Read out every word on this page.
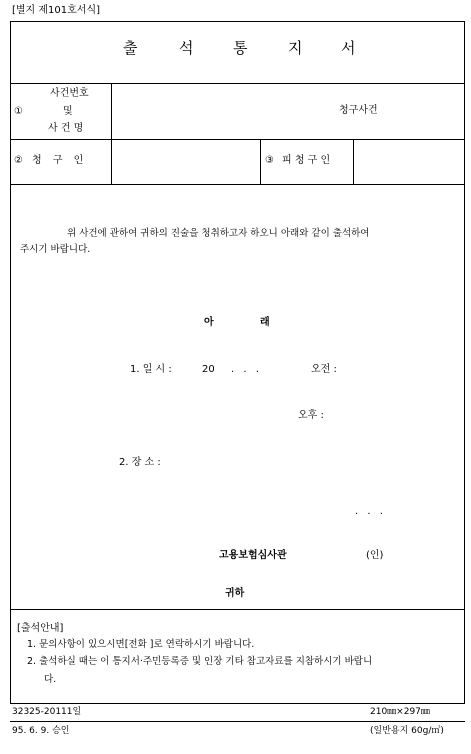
[별지 제101호서식]
출	석	통	지	서
①
사건번호
및
사 건 명
청구사건
② 청 구 인	③ 피 청 구 인
위 사건에 관하여 귀하의 진술을 청취하고자 하오니 아래와 같이 출석하여
주시기 바랍니다.
아	래
1. 일 시 :	20 . . .	오전 :
오후 :
2. 장 소 :
. . .
고용보험심사관	(인)
귀하
[출석안내]
1. 문의사항이 있으시면[전화 ]로 연락하시기 바랍니다.
2. 출석하실 때는 이 통지서·주민등록증 및 인장 기타 참고자료를 지참하시기 바랍니
다.
32325-20111일	210㎜×297㎜
95. 6. 9. 승인	(일반용지 60g/㎡)
